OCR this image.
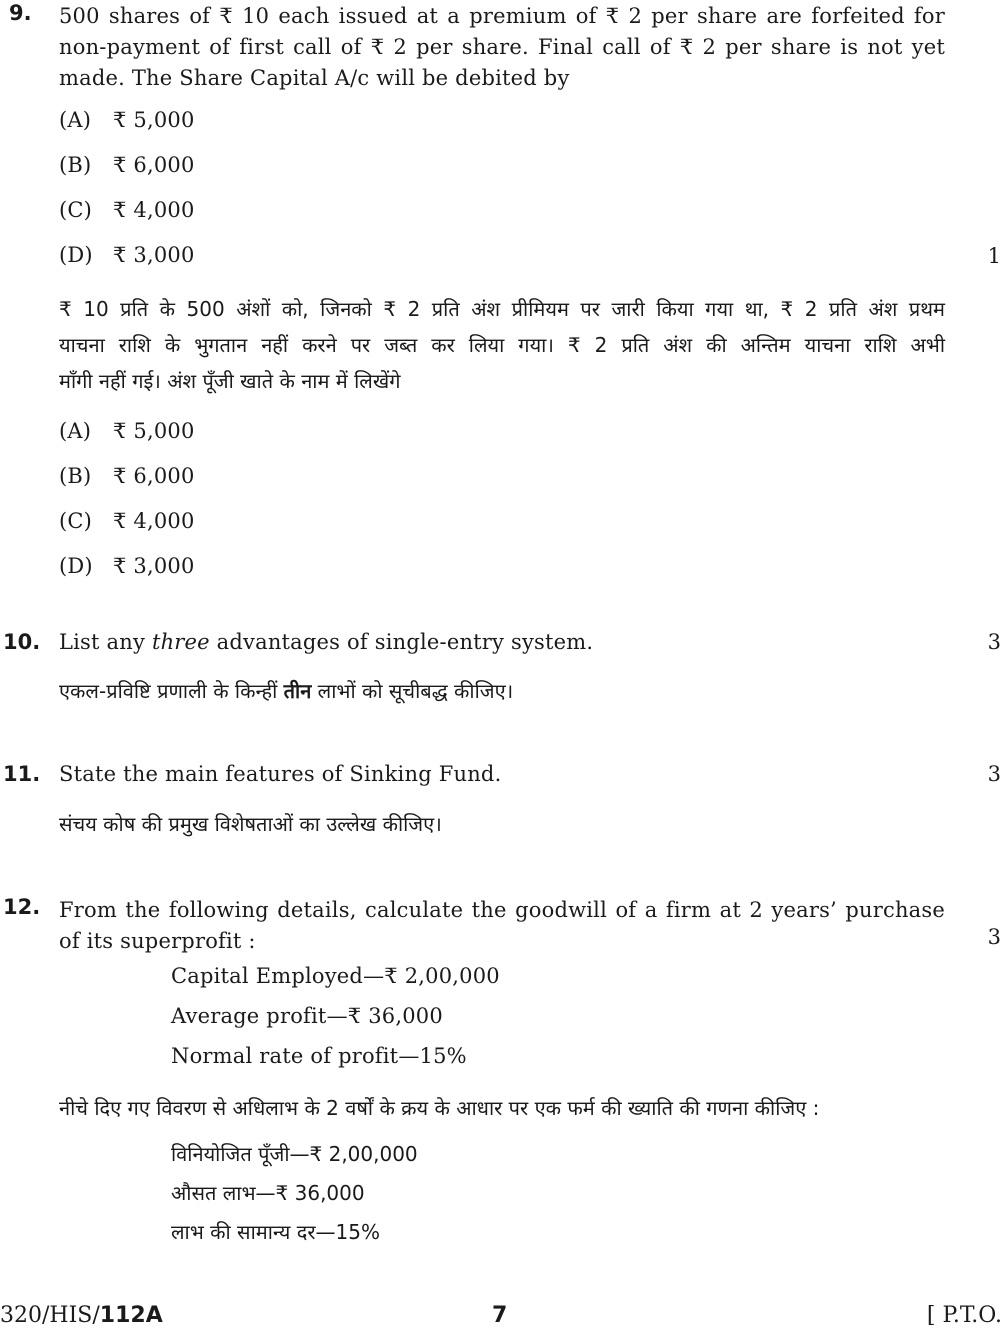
9. 500 shares of ₹ 10 each issued at a premium of ₹ 2 per share are forfeited for
non-payment of first call of ₹ 2 per share. Final call of ₹ 2 per share is not yet
made. The Share Capital A/c will be debited by
(A) ₹ 5,000
(B) ₹ 6,000
(C) ₹ 4,000
(D) ₹ 3,000	1
₹ 10 प्रति के 500 अंशों को, जिनको ₹ 2 प्रति अंश प्रीमियम पर जारी किया गया था, ₹ 2 प्रति अंश प्रथम
याचना राशि के भुगतान नहीं करने पर जब्त कर लिया गया। ₹ 2 प्रति अंश की अन्तिम याचना राशि अभी
माँगी नहीं गई। अंश पूँजी खाते के नाम में लिखेंगे
(A) ₹ 5,000
(B) ₹ 6,000
(C) ₹ 4,000
(D) ₹ 3,000
10. List any three advantages of single-entry system.	3
एकल-प्रविष्टि प्रणाली के किन्हीं तीन लाभों को सूचीबद्ध कीजिए।
11. State the main features of Sinking Fund.	3
संचय कोष की प्रमुख विशेषताओं का उल्लेख कीजिए।
12. From the following details, calculate the goodwill of a firm at 2 years’ purchase
of its superprofit :	3
Capital Employed—₹ 2,00,000
Average profit—₹ 36,000
Normal rate of profit—15%
नीचे दिए गए विवरण से अधिलाभ के 2 वर्षों के क्रय के आधार पर एक फर्म की ख्याति की गणना कीजिए :
विनियोजित पूँजी—₹ 2,00,000
औसत लाभ—₹ 36,000
लाभ की सामान्य दर—15%
320/HIS/112A	7	[ P.T.O.
